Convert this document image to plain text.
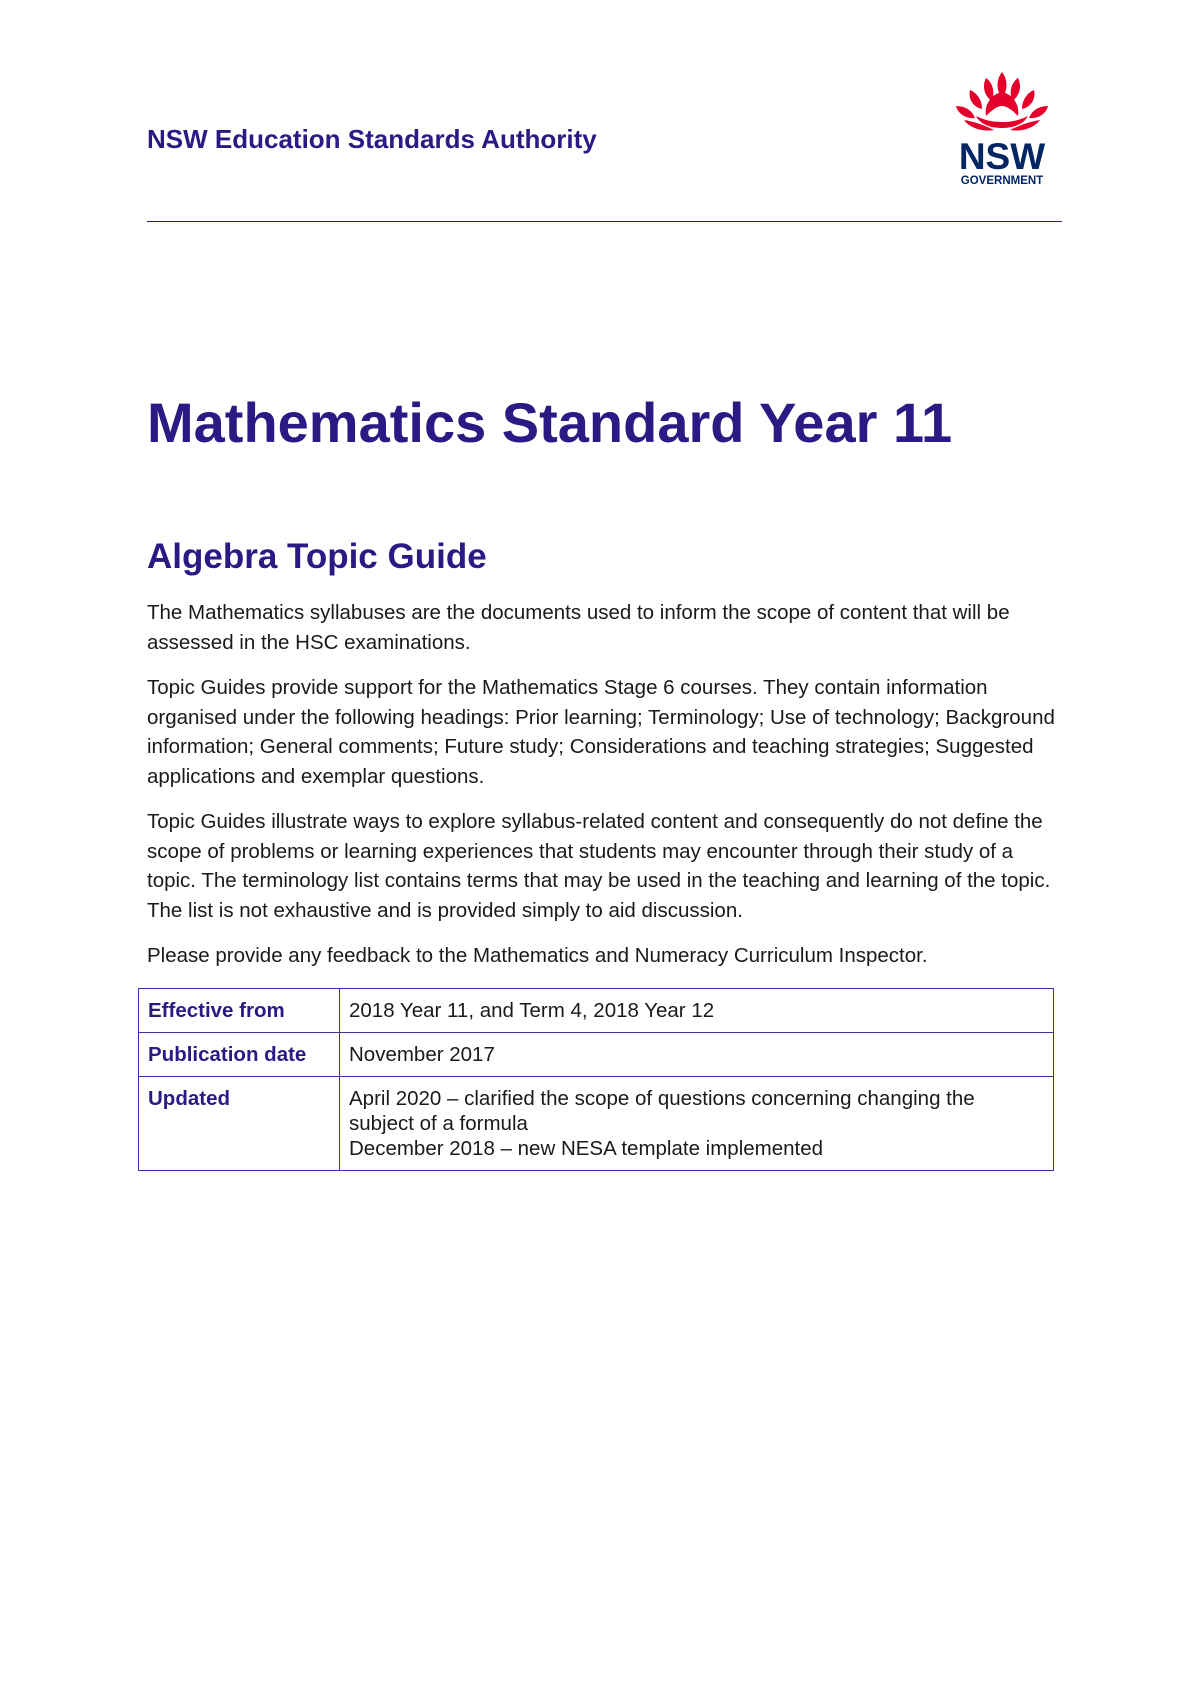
NSW Education Standards Authority	NSW
GOVERNMENT
Mathematics Standard Year 11
Algebra Topic Guide

The Mathematics syllabuses are the documents used to inform the scope of content that will be assessed in the HSC examinations.

Topic Guides provide support for the Mathematics Stage 6 courses. They contain information organised under the following headings: Prior learning; Terminology; Use of technology; Background information; General comments; Future study; Considerations and teaching strategies; Suggested applications and exemplar questions.

Topic Guides illustrate ways to explore syllabus-related content and consequently do not define the scope of problems or learning experiences that students may encounter through their study of a topic. The terminology list contains terms that may be used in the teaching and learning of the topic. The list is not exhaustive and is provided simply to aid discussion.

Please provide any feedback to the Mathematics and Numeracy Curriculum Inspector.

Effective from	2018 Year 11, and Term 4, 2018 Year 12

Publication date	November 2017

Updated	April 2020 – clarified the scope of questions concerning changing the subject of a formula
December 2018 – new NESA template implemented
